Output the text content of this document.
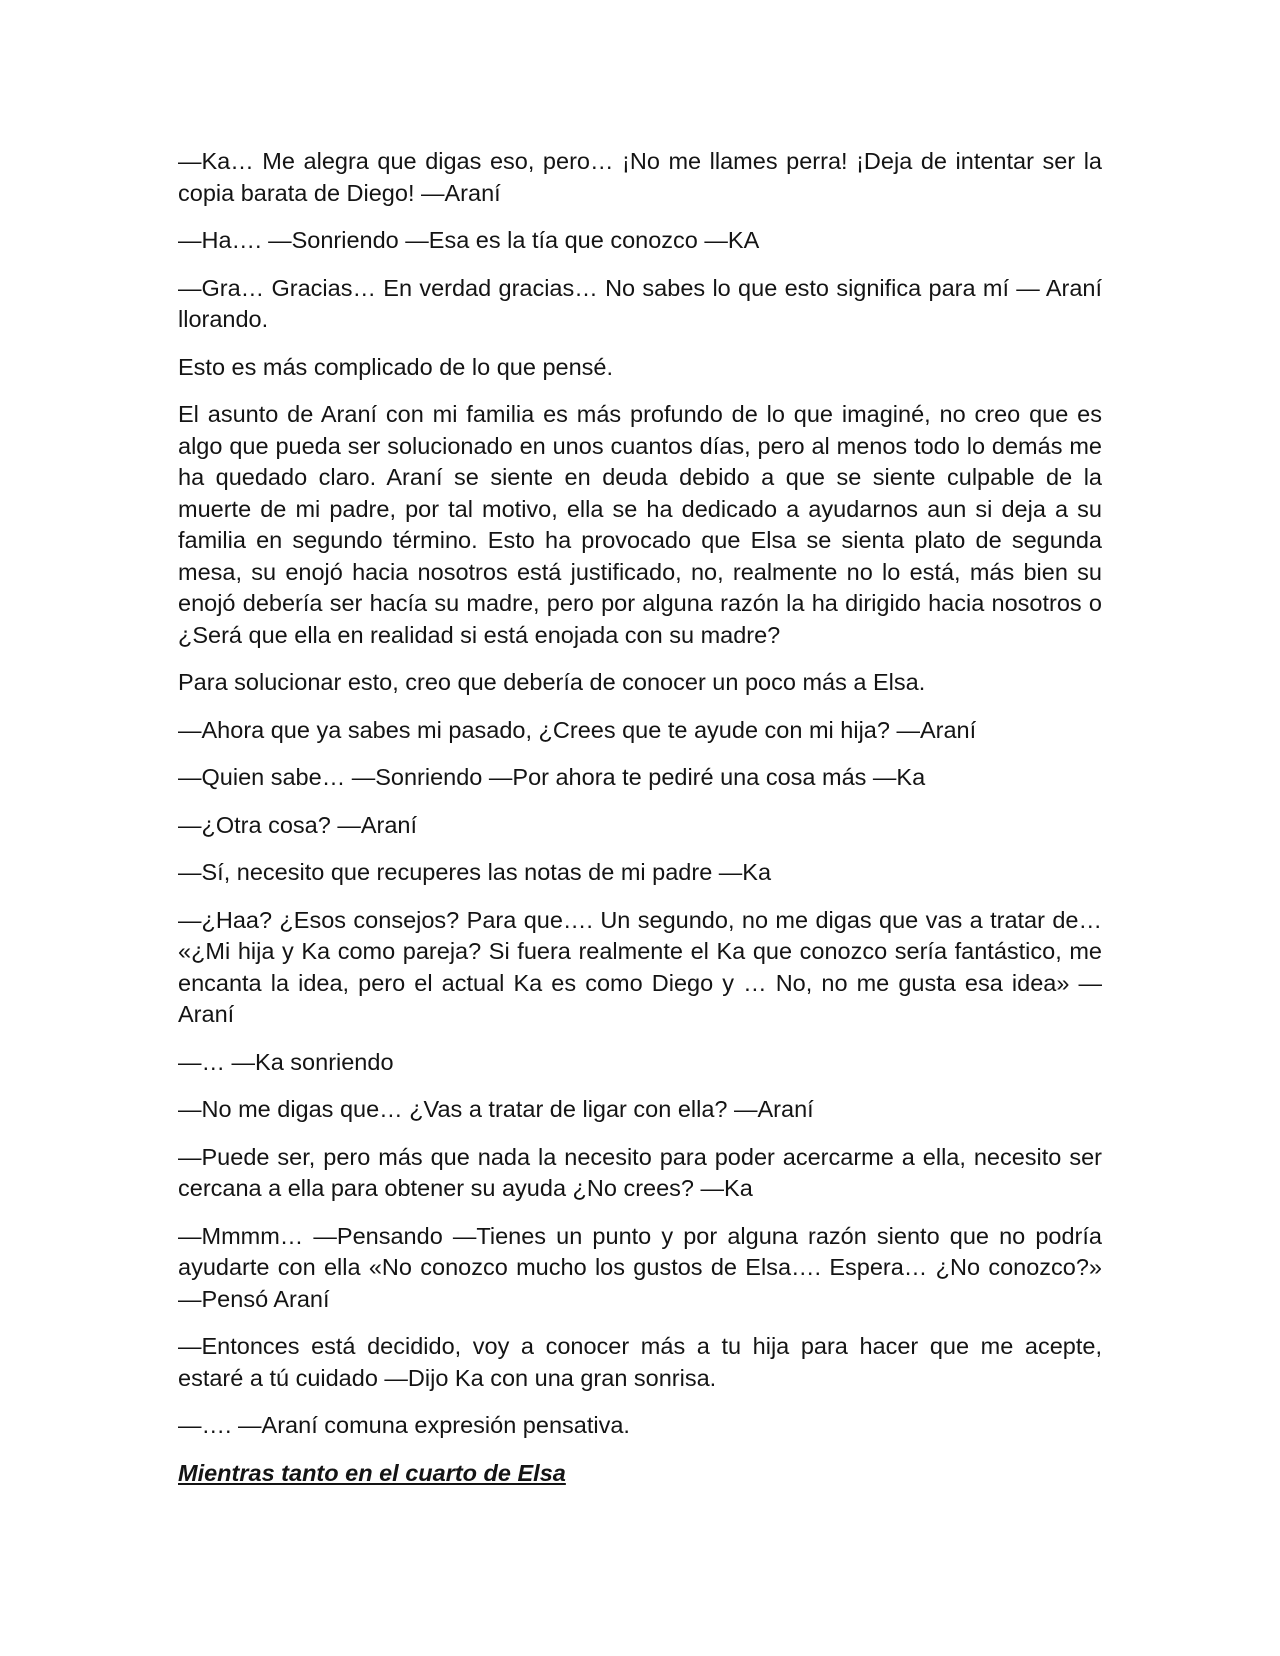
—Ka… Me alegra que digas eso, pero… ¡No me llames perra! ¡Deja de intentar ser la copia barata de Diego! —Araní

—Ha…. —Sonriendo —Esa es la tía que conozco —KA

—Gra… Gracias… En verdad gracias… No sabes lo que esto significa para mí — Araní llorando.

Esto es más complicado de lo que pensé.

El asunto de Araní con mi familia es más profundo de lo que imaginé, no creo que es algo que pueda ser solucionado en unos cuantos días, pero al menos todo lo demás me ha quedado claro. Araní se siente en deuda debido a que se siente culpable de la muerte de mi padre, por tal motivo, ella se ha dedicado a ayudarnos aun si deja a su familia en segundo término. Esto ha provocado que Elsa se sienta plato de segunda mesa, su enojó hacia nosotros está justificado, no, realmente no lo está, más bien su enojó debería ser hacía su madre, pero por alguna razón la ha dirigido hacia nosotros o ¿Será que ella en realidad si está enojada con su madre?

Para solucionar esto, creo que debería de conocer un poco más a Elsa.

—Ahora que ya sabes mi pasado, ¿Crees que te ayude con mi hija? —Araní

—Quien sabe… —Sonriendo —Por ahora te pediré una cosa más —Ka

—¿Otra cosa? —Araní

—Sí, necesito que recuperes las notas de mi padre —Ka

—¿Haa? ¿Esos consejos? Para que…. Un segundo, no me digas que vas a tratar de… «¿Mi hija y Ka como pareja? Si fuera realmente el Ka que conozco sería fantástico, me encanta la idea, pero el actual Ka es como Diego y … No, no me gusta esa idea» —Araní

—… —Ka sonriendo

—No me digas que… ¿Vas a tratar de ligar con ella? —Araní

—Puede ser, pero más que nada la necesito para poder acercarme a ella, necesito ser cercana a ella para obtener su ayuda ¿No crees? —Ka

—Mmmm… —Pensando —Tienes un punto y por alguna razón siento que no podría ayudarte con ella «No conozco mucho los gustos de Elsa…. Espera… ¿No conozco?» —Pensó Araní

—Entonces está decidido, voy a conocer más a tu hija para hacer que me acepte, estaré a tú cuidado —Dijo Ka con una gran sonrisa.

—…. —Araní comuna expresión pensativa.

Mientras tanto en el cuarto de Elsa
